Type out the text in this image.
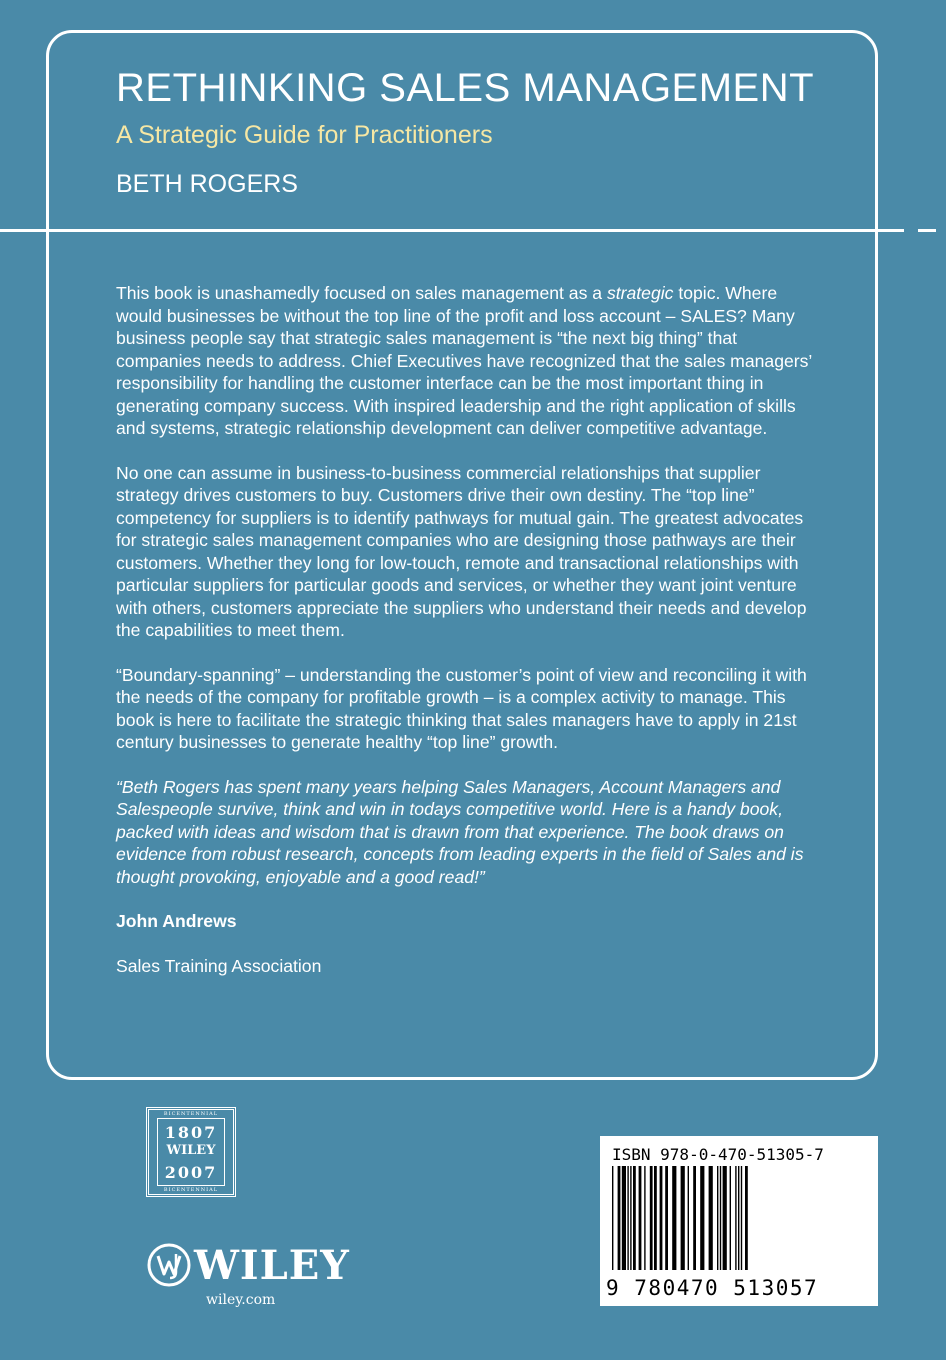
RETHINKING SALES MANAGEMENT
A Strategic Guide for Practitioners
BETH ROGERS

This book is unashamedly focused on sales management as a strategic topic. Where would businesses be without the top line of the profit and loss account – SALES? Many business people say that strategic sales management is “the next big thing” that companies needs to address. Chief Executives have recognized that the sales managers’ responsibility for handling the customer interface can be the most important thing in generating company success. With inspired leadership and the right application of skills and systems, strategic relationship development can deliver competitive advantage.

No one can assume in business-to-business commercial relationships that supplier strategy drives customers to buy. Customers drive their own destiny. The “top line” competency for suppliers is to identify pathways for mutual gain. The greatest advocates for strategic sales management companies who are designing those pathways are their customers. Whether they long for low-touch, remote and transactional relationships with particular suppliers for particular goods and services, or whether they want joint venture with others, customers appreciate the suppliers who understand their needs and develop the capabilities to meet them.

“Boundary-spanning” – understanding the customer’s point of view and reconciling it with the needs of the company for profitable growth – is a complex activity to manage. This book is here to facilitate the strategic thinking that sales managers have to apply in 21st century businesses to generate healthy “top line” growth.

“Beth Rogers has spent many years helping Sales Managers, Account Managers and Salespeople survive, think and win in todays competitive world. Here is a handy book, packed with ideas and wisdom that is drawn from that experience. The book draws on evidence from robust research, concepts from leading experts in the field of Sales and is thought provoking, enjoyable and a good read!”

John Andrews

Sales Training Association

BICENTENNIAL
1807
WILEY
2007
BICENTENNIAL
WILEY
wiley.com
ISBN 978-0-470-51305-7
9 780470 513057
